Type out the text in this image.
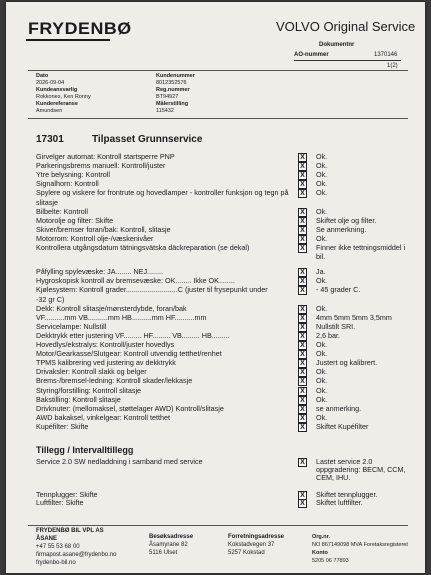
FRYDENBØ	VOLVO Original Service
Dokumentnr
AO-nummer	1370146
1(2)
Dato
2026-09-04
Kundeansvarlig
Rokkones, Ken Ronny
Kundereferanse
Amundsen
Kundenummer
8012352576
Reg.nummer
BT94927
Målerstilling
115432
17301	Tilpasset Grunnservice
Girvelger automat: Kontroll startsperre PNP	X	Ok.
Parkeringsbrems manuell: Kontroll/juster	X	Ok.
Ytre belysning: Kontroll	X	Ok.
Signalhorn: Kontroll	X	Ok.
Spylere og viskere for frontrute og hovedlamper - kontroller funksjon og tegn på	X	Ok.
slitasje
Bilbelte: Kontroll	X	Ok.
Motorolje og filter: Skifte	X	Skiftet olje og filter.
Skiver/bremser foran/bak: Kontroll, slitasje	X	Se anmerkning.
Motorrom: Kontroll olje-/væskenivåer	X	Ok.
Kontrollera utgångsdatum tätningsvätska däckreparation (se dekal)	X	Finner ikke tettningsmiddel i
bil.
Påfylling spylevæske: JA........ NEJ........	X	Ja.
Hygroskopisk kontroll av bremsevæske: OK........ Ikke OK........	X	Ok.
Kjølesystem: Kontroll grader..........................C (juster til frysepunkt under	X	- 45 grader C.
-32 gr C)
Dekk: Kontroll slitasje/mønsterdybde, foran/bak	X	Ok.
VF..........mm VB..........mm HB..........mm HF..........mm	X	4mm 5mm 5mm 3,5mm
Servicelampe: Nullstill	X	Nullstilt SRI.
Dekktrykk etter justering VF......... HF......... VB......... HB.........	X	2,6 bar.
Hovedlys/ekstralys: Kontroll/juster hovedlys	X	Ok.
Motor/Gearkasse/Slutgear: Kontroll utvendig tetthet/renhet	X	Ok.
TPMS kalibrering ved justering av dekktrykk	X	Justert og kalibrert.
Drivaksler: Kontroll slakk og belger	X	Ok.
Brems-/bremsel-ledning: Kontroll skader/lekkasje	X	Ok.
Styring/forstilling: Kontroll slitasje	X	Ok.
Bakstilling: Kontroll slitasje	X	Ok.
Drivknuter: (mellomaksel, støttelager AWD) Kontroll/slitasje	X	se anmerking.
AWD bakaksel, vinkelgear: Kontroll tetthet	X	Ok.
Kupéfilter: Skifte	X	Skiftet Kupéfilter
Tillegg / Intervalltillegg
Service 2.0 SW nedladdning i samband med service	X	Lastet service 2.0
oppgradering: BECM, CCM,
CEM, IHU.
Tennplugger: Skifte	X	Skiftet tennplugger.
Luftfilter: Skifte	X	Skiftet luftfilter.
FRYDENBØ BIL VPL AS
ÅSANE
+47 55 53 68 00
firmapost.asane@frydenbo.no
frydenbo-bil.no
Besøksadresse
Åsamyrane 82
5116 Ulset
Forretningsadresse
Kokstadvegen 37
5257 Kokstad
Org.nr.
NO 867149098 MVA Foretaksregisteret
Konto
5205 06 77893
